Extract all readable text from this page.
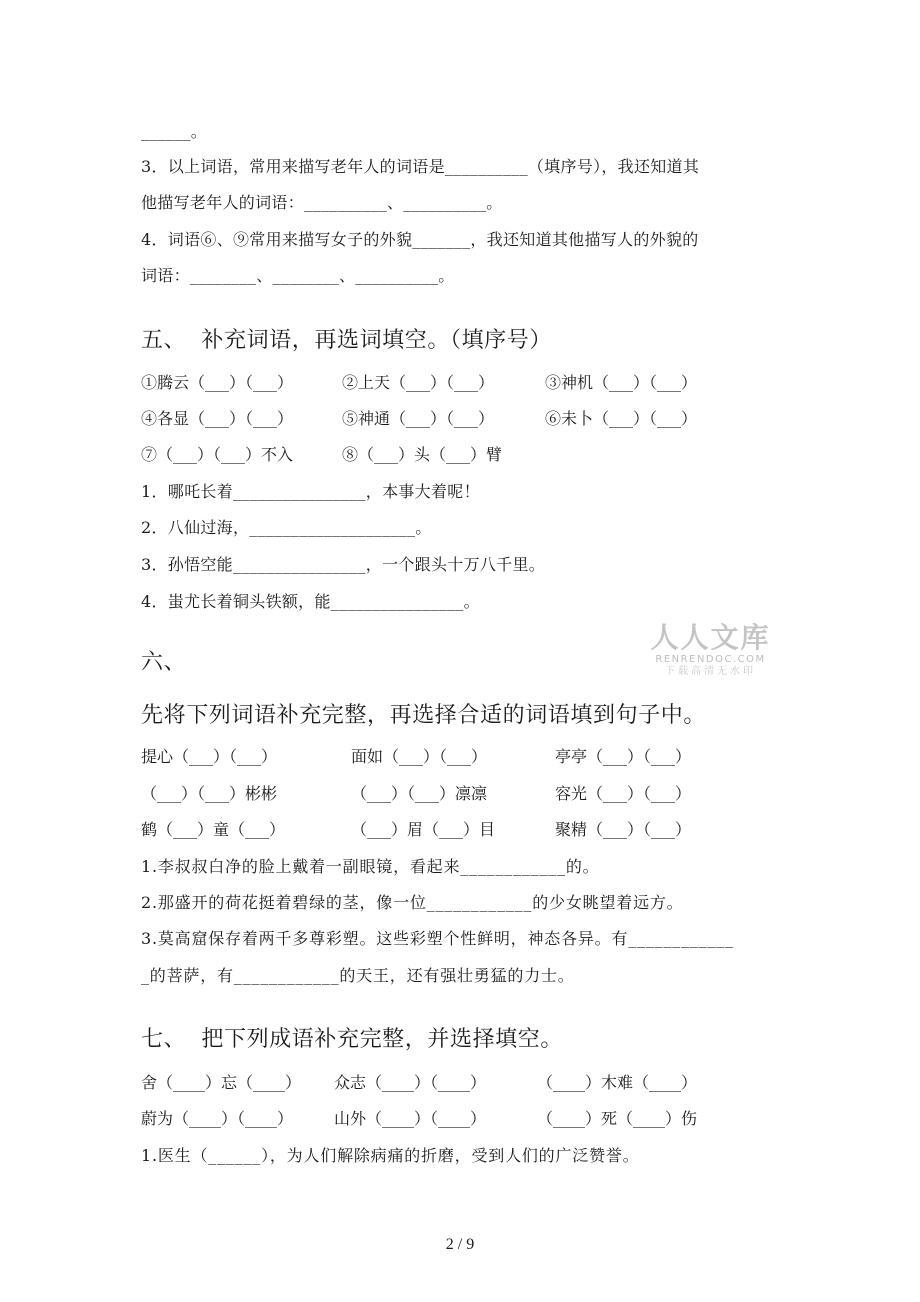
______。
3．以上词语，常用来描写老年人的词语是__________（填序号），我还知道其
他描写老年人的词语：__________、__________。
4．词语⑥、⑨常用来描写女子的外貌_______，我还知道其他描写人的外貌的
词语：________、________、__________。
五、  补充词语，再选词填空。（填序号）
①腾云（___）（___）	②上天（___）（___）	③神机（___）（___）
④各显（___）（___）	⑤神通（___）（___）	⑥未卜（___）（___）
⑦（___）（___）不入	⑧（___）头（___）臂
1．哪吒长着________________，本事大着呢！
2．八仙过海，____________________。
3．孙悟空能________________，一个跟头十万八千里。
4．蚩尤长着铜头铁额，能________________。
人人文库
RENRENDOC.COM
下载高清无水印
六、
先将下列词语补充完整，再选择合适的词语填到句子中。
提心（___）（___）	面如（___）（___）	亭亭（___）（___）
（___）（___）彬彬	（___）（___）凛凛	容光（___）（___）
鹤（___）童（___）	（___）眉（___）目	聚精（___）（___）
1.李叔叔白净的脸上戴着一副眼镜，看起来____________的。
2.那盛开的荷花挺着碧绿的茎，像一位____________的少女眺望着远方。
3.莫高窟保存着两千多尊彩塑。这些彩塑个性鲜明，神态各异。有____________
_的菩萨，有____________的天王，还有强壮勇猛的力士。
七、  把下列成语补充完整，并选择填空。
舍（____）忘（____） 众志（____）（____）	（____）木难（____）
蔚为（____）（____）	山外（____）（____）	（____）死（____）伤
1.医生（______），为人们解除病痛的折磨，受到人们的广泛赞誉。
2 / 9
